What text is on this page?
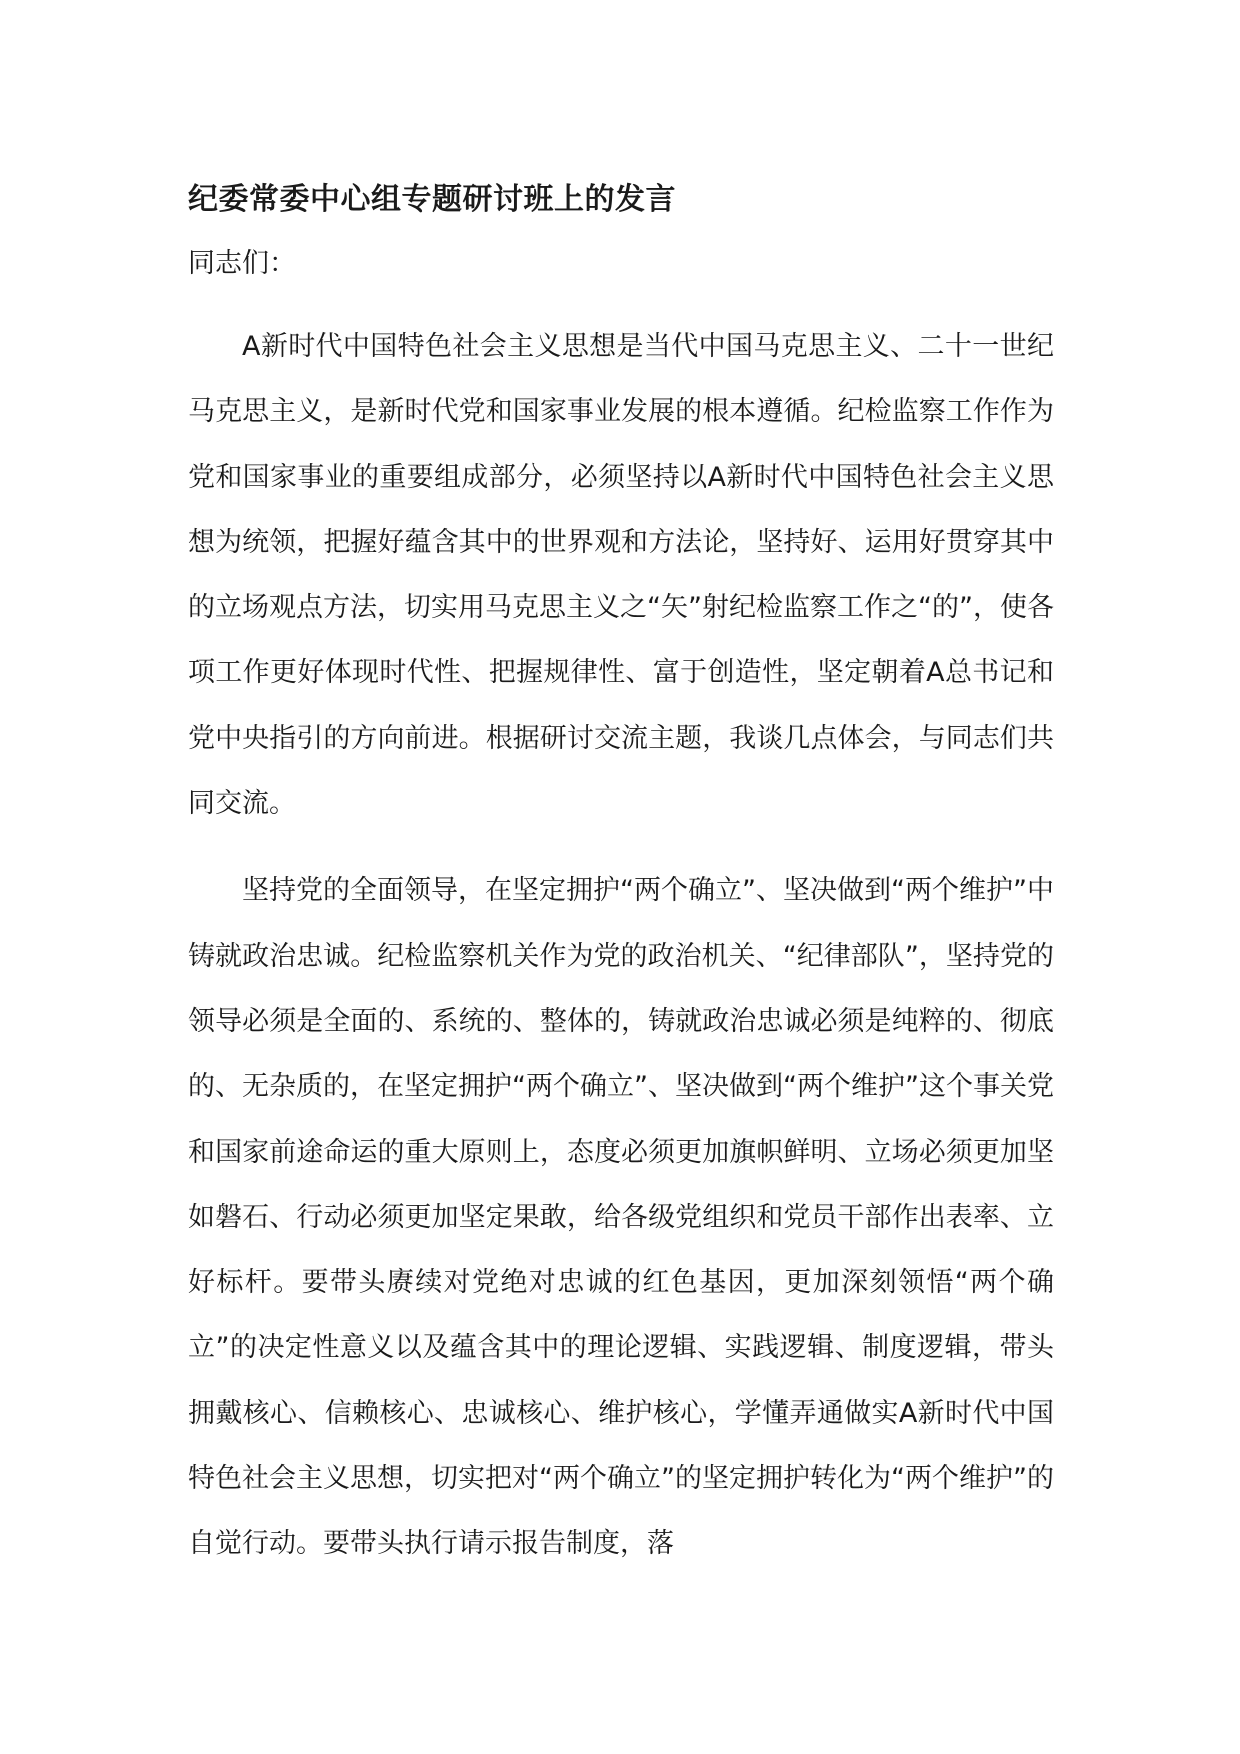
纪委常委中心组专题研讨班上的发言

同志们：

A新时代中国特色社会主义思想是当代中国马克思主义、二十一世纪马克思主义，是新时代党和国家事业发展的根本遵循。纪检监察工作作为党和国家事业的重要组成部分，必须坚持以A新时代中国特色社会主义思想为统领，把握好蕴含其中的世界观和方法论，坚持好、运用好贯穿其中的立场观点方法，切实用马克思主义之“矢”射纪检监察工作之“的”，使各项工作更好体现时代性、把握规律性、富于创造性，坚定朝着A总书记和党中央指引的方向前进。根据研讨交流主题，我谈几点体会，与同志们共同交流。

坚持党的全面领导，在坚定拥护“两个确立”、坚决做到“两个维护”中铸就政治忠诚。纪检监察机关作为党的政治机关、“纪律部队”，坚持党的领导必须是全面的、系统的、整体的，铸就政治忠诚必须是纯粹的、彻底的、无杂质的，在坚定拥护“两个确立”、坚决做到“两个维护”这个事关党和国家前途命运的重大原则上，态度必须更加旗帜鲜明、立场必须更加坚如磐石、行动必须更加坚定果敢，给各级党组织和党员干部作出表率、立好标杆。要带头赓续对党绝对忠诚的红色基因，更加深刻领悟“两个确立”的决定性意义以及蕴含其中的理论逻辑、实践逻辑、制度逻辑，带头拥戴核心、信赖核心、忠诚核心、维护核心，学懂弄通做实A新时代中国特色社会主义思想，切实把对“两个确立”的坚定拥护转化为“两个维护”的自觉行动。要带头执行请示报告制度，落
